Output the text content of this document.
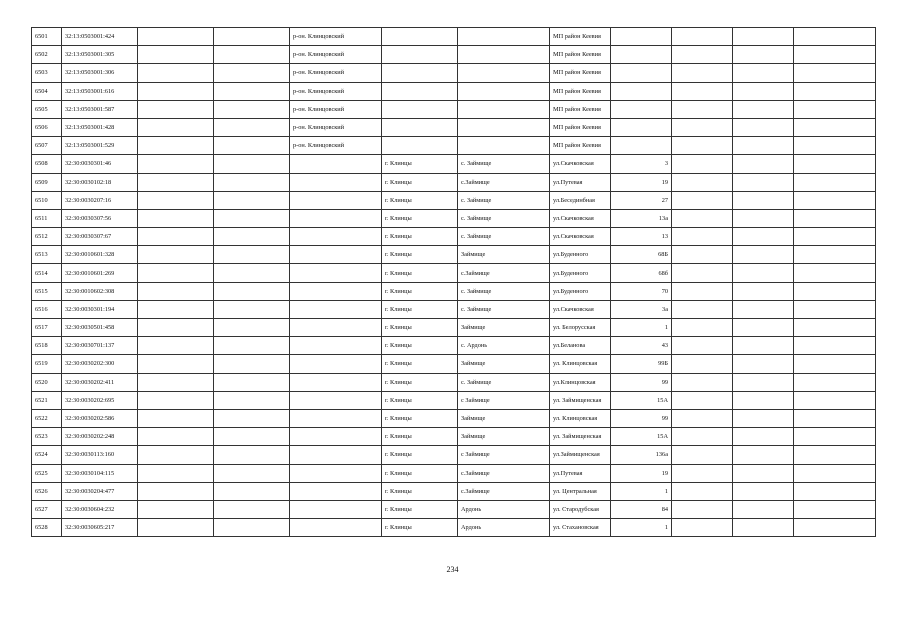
6501	32:13:0503001:424			р-он. Клинцовский			МП район Кеевия				
6502	32:13:0503001:305			р-он. Клинцовский			МП район Кеевия				
6503	32:13:0503001:306			р-он. Клинцовский			МП район Кеевия				
6504	32:13:0503001:616			р-он. Клинцовский			МП район Кеевия				
6505	32:13:0503001:587			р-он. Клинцовский			МП район Кеевия				
6506	32:13:0503001:428			р-он. Клинцовский			МП район Кеевия				
6507	32:13:0503001:529			р-он. Клинцовский			МП район Кеевия				
6508	32:30:0030301:46				г. Клинцы	с. Займище	ул.Скачковская	3			
6509	32:30:0030102:18				г. Клинцы	с.Займище	ул.Путевая	19			
6510	32:30:0030207:16				г. Клинцы	с. Займище	ул.Бесединбная	27			
6511	32:30:0030307:56				г. Клинцы	с. Займище	ул.Скачковская	13а			
6512	32:30:0030307:67				г. Клинцы	с. Займище	ул.Скачковская	13			
6513	32:30:0010601:328				г. Клинцы	Займище	ул.Буденного	68Б			
6514	32:30:0010601:269				г. Клинцы	с.Займище	ул.Буденного	68б			
6515	32:30:0010602:308				г. Клинцы	с. Займище	ул.Буденного	70			
6516	32:30:0030301:194				г. Клинцы	с. Займище	ул.Скачковская	3а			
6517	32:30:0030501:458				г. Клинцы	Займище	ул. Белорусская	1			
6518	32:30:0030701:137				г. Клинцы	с. Ардонь	ул.Беланова	43			
6519	32:30:0030202:300				г. Клинцы	Займище	ул. Клинцовская	99Б			
6520	32:30:0030202:411				г. Клинцы	с. Займище	ул.Клинцовская	99			
6521	32:30:0030202:695				г. Клинцы	с Займище	ул. Займищенская	15А			
6522	32:30:0030202:586				г. Клинцы	Займище	ул. Клинцовская	99			
6523	32:30:0030202:248				г. Клинцы	Займище	ул. Займищенская	15А			
6524	32:30:0030113:160				г. Клинцы	с Займище	ул.Займищенская	136а			
6525	32:30:0030104:115				г. Клинцы	с.Займище	ул.Путевая	19			
6526	32:30:0030204:477				г. Клинцы	с.Займище	ул. Центральная	1			
6527	32:30:0030604:232				г. Клинцы	Ардонь	ул. Стародубская	84			
6528	32:30:0030605:217				г. Клинцы	Ардонь	ул. Стахановская	1			
234
